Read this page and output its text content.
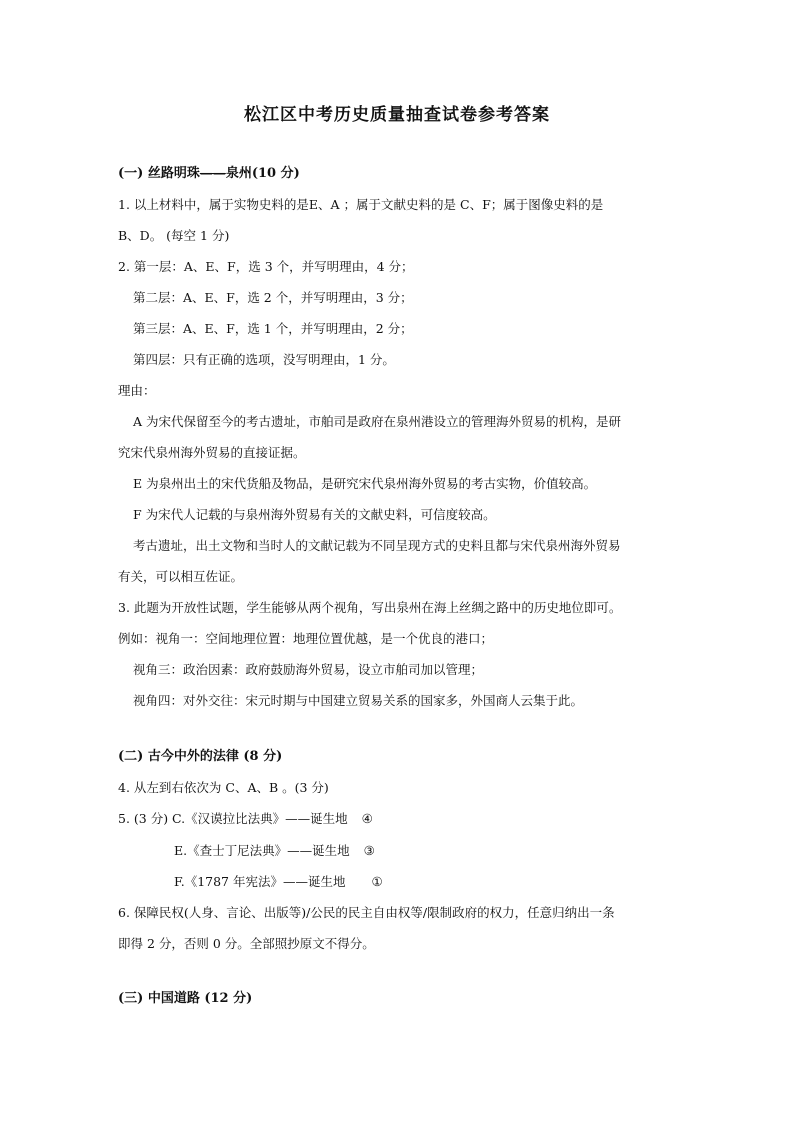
松江区中考历史质量抽查试卷参考答案
(一) 丝路明珠——泉州(10 分)
1. 以上材料中，属于实物史料的是E、A ；属于文献史料的是 C、F；属于图像史料的是
B、D。 (每空 1 分)
2. 第一层：A、E、F，选 3 个，并写明理由，4 分；
第二层：A、E、F，选 2 个，并写明理由，3 分；
第三层：A、E、F，选 1 个，并写明理由，2 分；
第四层：只有正确的选项，没写明理由，1 分。
理由：
A 为宋代保留至今的考古遗址，市舶司是政府在泉州港设立的管理海外贸易的机构，是研
究宋代泉州海外贸易的直接证据。
E 为泉州出土的宋代货船及物品，是研究宋代泉州海外贸易的考古实物，价值较高。
F 为宋代人记载的与泉州海外贸易有关的文献史料，可信度较高。
考古遗址，出土文物和当时人的文献记载为不同呈现方式的史料且都与宋代泉州海外贸易
有关，可以相互佐证。
3. 此题为开放性试题，学生能够从两个视角，写出泉州在海上丝绸之路中的历史地位即可。
例如：视角一：空间地理位置：地理位置优越，是一个优良的港口；
视角三：政治因素：政府鼓励海外贸易，设立市舶司加以管理；
视角四：对外交往：宋元时期与中国建立贸易关系的国家多，外国商人云集于此。
(二) 古今中外的法律 (8 分)
4. 从左到右依次为 C、A、B 。(3 分)
5. (3 分) C.《汉谟拉比法典》——诞生地 ④
E.《查士丁尼法典》——诞生地 ③
F.《1787 年宪法》——诞生地 ①
6. 保障民权(人身、言论、出版等)/公民的民主自由权等/限制政府的权力，任意归纳出一条
即得 2 分，否则 0 分。全部照抄原文不得分。
(三) 中国道路 (12 分)
